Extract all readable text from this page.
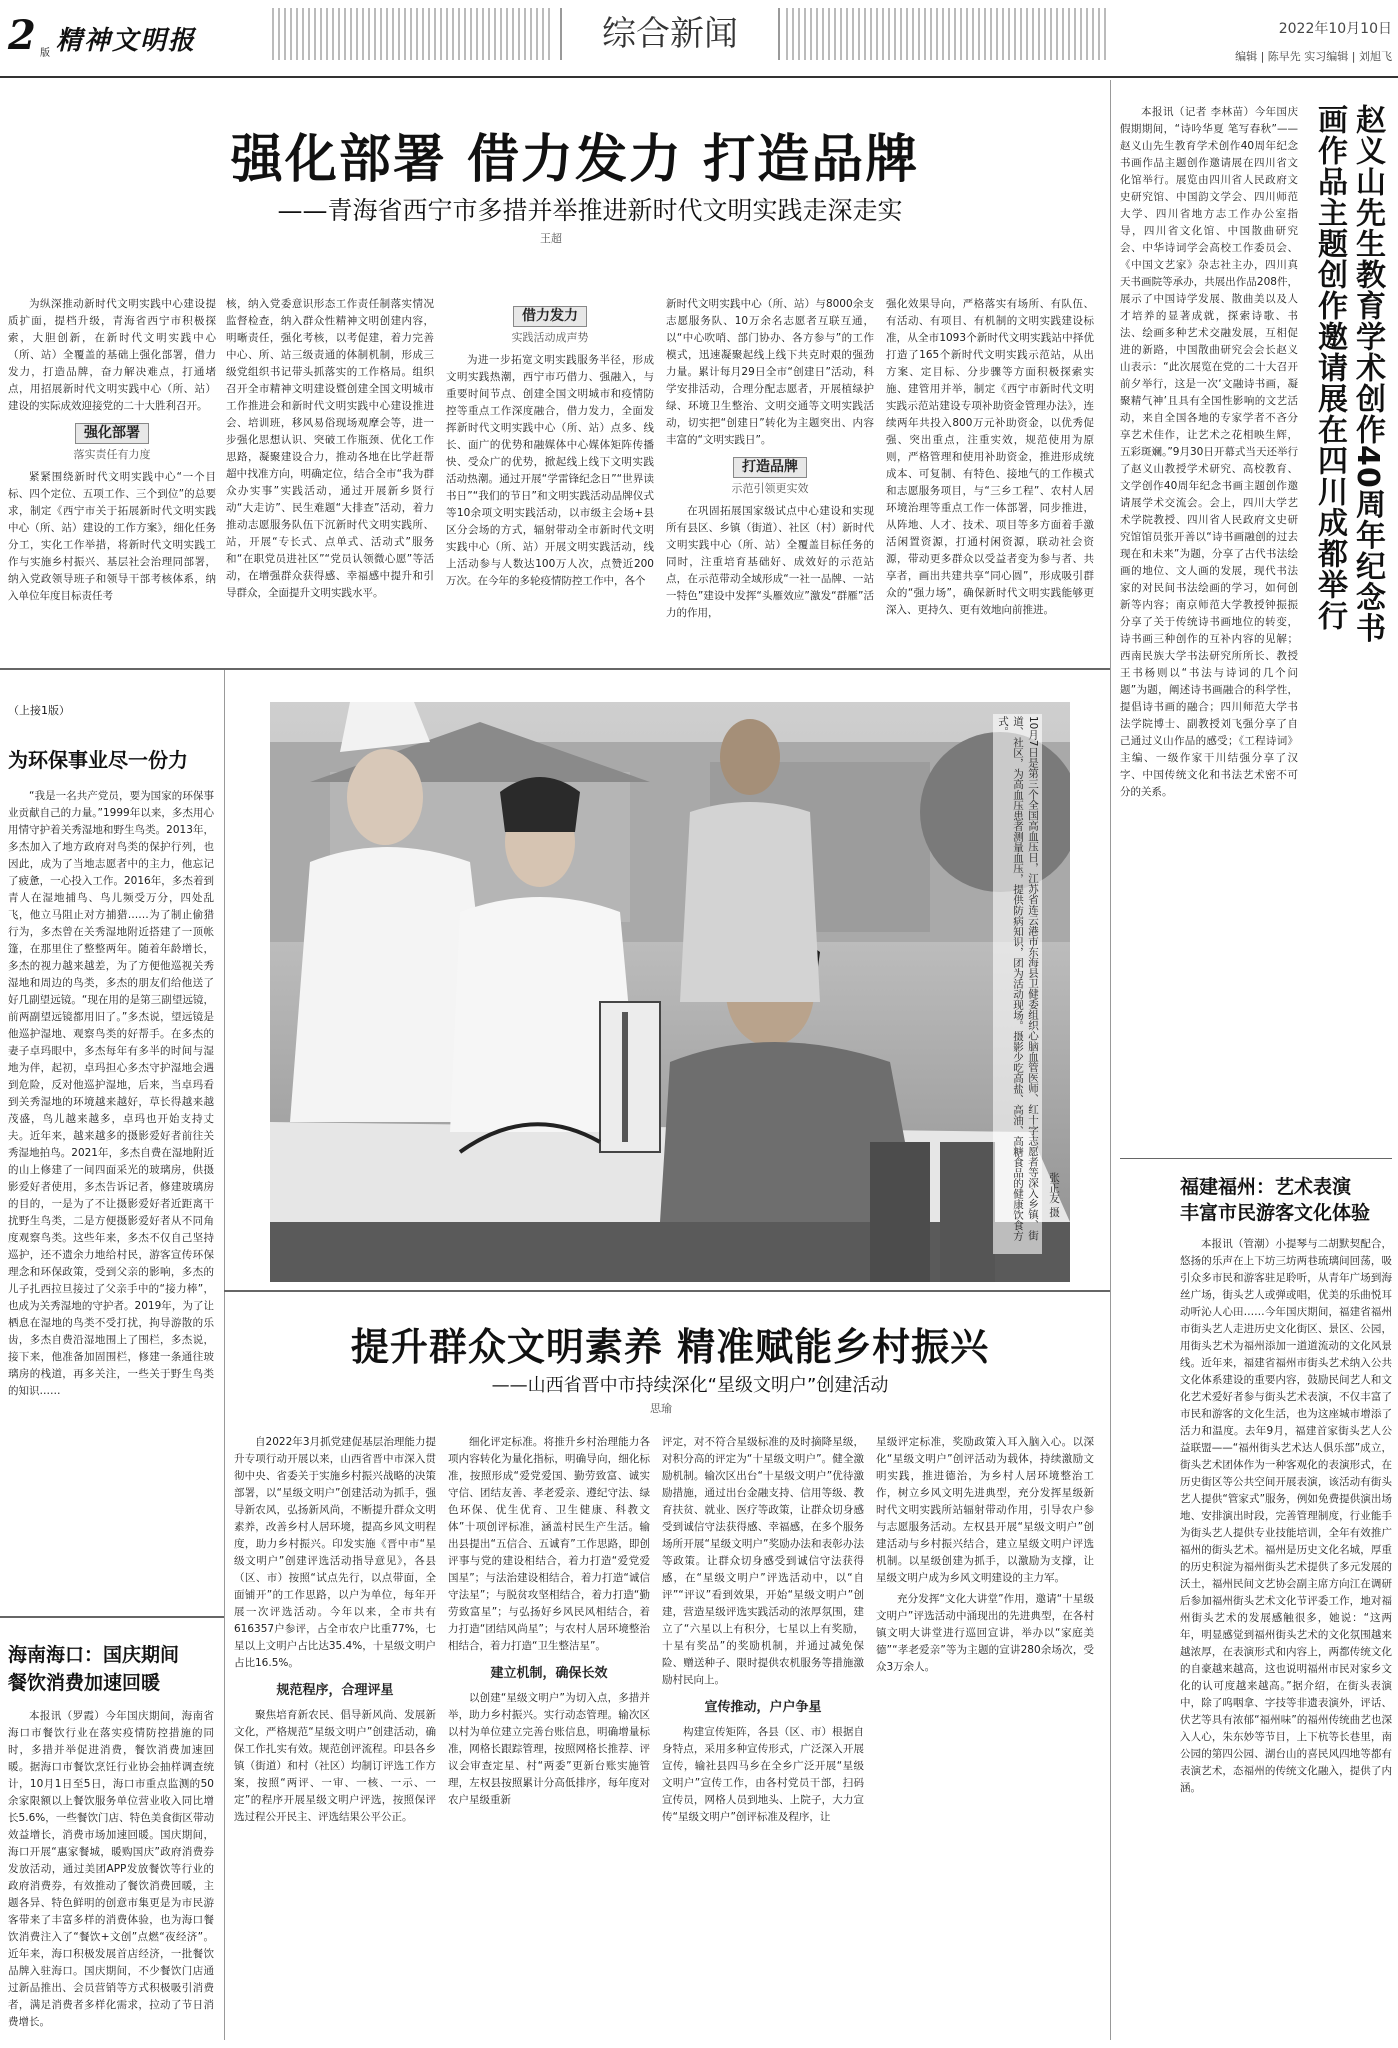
2 版 精神文明报	综合新闻	2022年10月10日
编辑 | 陈早先 实习编辑 | 刘旭飞
强化部署 借力发力 打造品牌
——青海省西宁市多措并举推进新时代文明实践走深走实
王超

为纵深推动新时代文明实践中心建设提质扩面，提档升级，青海省西宁市积极探索，大胆创新，在新时代文明实践中心（所、站）全覆盖的基础上强化部署，借力发力，打造品牌，奋力解决难点，打通堵点，用招展新时代文明实践中心（所、站）建设的实际成效迎接党的二十大胜利召开。

强化部署
落实责任有力度

紧紧围绕新时代文明实践中心“一个目标、四个定位、五项工作、三个到位”的总要求，制定《西宁市关于拓展新时代文明实践中心（所、站）建设的工作方案》，细化任务分工，实化工作举措，将新时代文明实践工作与实施乡村振兴、基层社会治理同部署，纳入党政领导班子和领导干部考核体系，纳入单位年度目标责任考

核，纳入党委意识形态工作责任制落实情况监督检查，纳入群众性精神文明创建内容，明晰责任，强化考核，以考促建，着力完善中心、所、站三级责通的体制机制，形成三级党组织书记带头抓落实的工作格局。组织召开全市精神文明建设暨创建全国文明城市工作推进会和新时代文明实践中心建设推进会、培训班，移风易俗现场观摩会等，进一步强化思想认识、突破工作瓶颈、优化工作思路，凝聚建设合力，推动各地在比学赶帮超中找准方向，明确定位，结合全市“我为群众办实事”实践活动，通过开展新乡贤行动“大走访”、民生难题“大排查”活动，着力推动志愿服务队伍下沉新时代文明实践所、站，开展“专长式、点单式、活动式”服务和“在职党员进社区”“党员认领微心愿”等活动，在增强群众获得感、幸福感中提升和引导群众，全面提升文明实践水平。

借力发力
实践活动成声势

为进一步拓宽文明实践服务半径，形成文明实践热潮，西宁市巧借力、强融入，与重要时间节点、创建全国文明城市和疫情防控等重点工作深度融合，借力发力，全面发挥新时代文明实践中心（所、站）点多、线长、面广的优势和融媒体中心媒体矩阵传播快、受众广的优势，掀起线上线下文明实践活动热潮。通过开展“学雷锋纪念日”“世界读书日”“我们的节日”和文明实践活动品牌仪式等10余项文明实践活动，以市级主会场+县区分会场的方式，辐射带动全市新时代文明实践中心（所、站）开展文明实践活动，线上活动参与人数达100万人次，点赞近200万次。在今年的多轮疫情防控工作中，各个

新时代文明实践中心（所、站）与8000余支志愿服务队、10万余名志愿者互联互通，以“中心吹哨、部门协办、各方参与”的工作模式，迅速凝聚起线上线下共克时艰的强劲力量。累计每月29日全市“创建日”活动，科学安排活动，合理分配志愿者，开展植绿护绿、环境卫生整治、文明交通等文明实践活动，切实把“创建日”转化为主题突出、内容丰富的“文明实践日”。

打造品牌
示范引领更实效

在巩固拓展国家级试点中心建设和实现所有县区、乡镇（街道）、社区（村）新时代文明实践中心（所、站）全覆盖目标任务的同时，注重培育基础好、成效好的示范站点，在示范带动全域形成“一社一品牌、一站一特色”建设中发挥“头雁效应”激发“群雁”活力的作用，

强化效果导向，严格落实有场所、有队伍、有活动、有项目、有机制的文明实践建设标准，从全市1093个新时代文明实践站中择优打造了165个新时代文明实践示范站，从出方案、定目标、分步骤等方面积极探索实施、建管用并举，制定《西宁市新时代文明实践示范站建设专项补助资金管理办法》，连续两年共投入800万元补助资金，以优秀促强、突出重点，注重实效，规范使用为原则，严格管理和使用补助资金，推进形成统成本、可复制、有特色、接地气的工作模式和志愿服务项目，与“三乡工程”、农村人居环境治理等重点工作一体部署，同步推进，从阵地、人才、技术、项目等多方面着手激活闲置资源，打通村闲资源，联动社会资源，带动更多群众以受益者变为参与者、共享者，画出共建共享“同心圆”，形成吸引群众的“强力场”，确保新时代文明实践能够更深入、更持久、更有效地向前推进。	赵义山先生教育学术创作40周年纪念书画作品主题创作邀请展在四川成都举行

本报讯（记者 李林苗）今年国庆假期期间，“诗吟华夏 笔写春秋”——赵义山先生教育学术创作40周年纪念书画作品主题创作邀请展在四川省文化馆举行。展览由四川省人民政府文史研究馆、中国韵文学会、四川师范大学、四川省地方志工作办公室指导，四川省文化馆、中国散曲研究会、中华诗词学会高校工作委员会、《中国文艺家》杂志社主办，四川真天书画院等承办，共展出作品208件，展示了中国诗学发展、散曲美以及人才培养的显著成就，探索诗歌、书法、绘画多种艺术交融发展，互相促进的新路，中国散曲研究会会长赵义山表示：“此次展览在党的二十大召开前夕举行，这是一次‘文融诗书画，凝聚精气神’且具有全国性影响的文艺活动，来自全国各地的专家学者不吝分享艺术佳作，让艺术之花相映生辉，五彩斑斓。”9月30日开幕式当天还举行了赵义山教授学术研究、高校教育、文学创作40周年纪念书画主题创作邀请展学术交流会。会上，四川大学艺术学院教授、四川省人民政府文史研究馆馆员张开善以“诗书画融创的过去现在和未来”为题，分享了古代书法绘画的地位、文人画的发展，现代书法家的对民间书法绘画的学习，如何创新等内容；南京师范大学教授钟振振分享了关于传统诗书画地位的转变，诗书画三种创作的互补内容的见解；西南民族大学书法研究所所长、教授王书杨则以“书法与诗词的几个问题”为题，阐述诗书画融合的科学性，提倡诗书画的融合；四川师范大学书法学院博士、副教授刘飞强分享了自己通过义山作品的感受；《工程诗词》主编、一级作家干川结强分享了汉字、中国传统文化和书法艺术密不可分的关系。

福建福州：艺术表演
丰富市民游客文化体验

本报讯（管潮）小提琴与二胡默契配合，悠扬的乐声在上下坊三坊两巷琉璃间回荡，吸引众多市民和游客驻足聆听，从青年广场到海丝广场，街头艺人或弹或唱，优美的乐曲悦耳动听沁人心田……今年国庆期间，福建省福州市街头艺人走进历史文化街区、景区、公园，用街头艺术为福州添加一道道流动的文化风景线。近年来，福建省福州市街头艺术纳入公共文化体系建设的重要内容，鼓励民间艺人和文化艺术爱好者参与街头艺术表演，不仅丰富了市民和游客的文化生活，也为这座城市增添了活力和温度。去年9月，福建首家街头艺人公益联盟——“福州街头艺术达人俱乐部”成立，街头艺术团体作为一种客观化的表演形式，在历史街区等公共空间开展表演，该活动有街头艺人提供“管家式”服务，例如免费提供演出场地、安排演出时段，完善管理制度，行业能手为街头艺人提供专业技能培训，全年有效推广福州的街头艺术。福州是历史文化名城，厚重的历史积淀为福州街头艺术提供了多元发展的沃土，福州民间文艺协会副主席方向江在调研后参加福州街头艺术文化节评委工作，地对福州街头艺术的发展感触很多，她说：“这两年，明显感觉到福州街头艺术的文化氛围越来越浓厚，在表演形式和内容上，两都传统文化的自豪越来越高，这也说明福州市民对家乡文化的认可度越来越高。”据介绍，在街头表演中，除了呜咽拿、字技等非遗表演外，评话、伏艺等具有浓郁“福州味”的福州传统曲艺也深入人心，朱东妙等节目，上下杭等长巷里，南公园的第四公园、湖台山的喜民风四地等都有表演艺术，态福州的传统文化融入，提供了内涵。

（上接1版）
为环保事业尽一份力

“我是一名共产党员，要为国家的环保事业贡献自己的力量。”1999年以来，多杰用心用情守护着关秀湿地和野生鸟类。2013年，多杰加入了地方政府对鸟类的保护行列，也因此，成为了当地志愿者中的主力，他忘记了疲惫，一心投入工作。2016年，多杰着到青人在湿地捕鸟、鸟儿频受万分，四处乱飞，他立马阻止对方捕猎……为了制止偷猎行为，多杰曾在关秀湿地附近搭建了一顶帐篷，在那里住了整整两年。随着年龄增长，多杰的视力越来越差，为了方便他巡视关秀湿地和周边的鸟类，多杰的朋友们给他送了好几副望远镜。“现在用的是第三副望远镜，前两副望远镜都用旧了。”多杰说，望远镜是他巡护湿地、观察鸟类的好帮手。在多杰的妻子卓玛眼中，多杰每年有多半的时间与湿地为伴，起初，卓玛担心多杰守护湿地会遇到危险，反对他巡护湿地，后来，当卓玛看到关秀湿地的环境越来越好，草长得越来越茂盛，鸟儿越来越多，卓玛也开始支持丈夫。近年来，越来越多的摄影爱好者前往关秀湿地拍鸟。2021年，多杰自费在湿地附近的山上修建了一间四面采光的玻璃房，供摄影爱好者使用，多杰告诉记者，修建玻璃房的目的，一是为了不让摄影爱好者近距离干扰野生鸟类，二是方便摄影爱好者从不同角度观察鸟类。这些年来，多杰不仅自己坚持巡护，还不遗余力地给村民，游客宣传环保理念和环保政策，受到父亲的影响，多杰的儿子扎西拉旦接过了父亲手中的“接力棒”，也成为关秀湿地的守护者。2019年，为了让栖息在湿地的鸟类不受打扰，拘导游散的乐齿，多杰自费沿湿地围上了围栏，多杰说，接下来，他准备加固围栏，修建一条通往玻璃房的栈道，再多关注，一些关于野生鸟类的知识……

海南海口：国庆期间
餐饮消费加速回暖

本报讯（罗霞）今年国庆期间，海南省海口市餐饮行业在落实疫情防控措施的同时，多措并举促进消费，餐饮消费加速回暖。据海口市餐饮烹饪行业协会抽样调查统计，10月1日至5日，海口市重点监测的50余家限额以上餐饮服务单位营业收入同比增长5.6%，一些餐饮门店、特色美食街区带动效益增长，消费市场加速回暖。国庆期间，海口开展“惠家餐城，暖购国庆”政府消费券发放活动，通过美团APP发放餐饮等行业的政府消费券，有效推动了餐饮消费回暖，主题各异、特色鲜明的创意市集更是为市民游客带来了丰富多样的消费体验，也为海口餐饮消费注入了“餐饮+文创”点燃“夜经济”。近年来，海口积极发展首店经济，一批餐饮品牌入驻海口。国庆期间，不少餐饮门店通过新品推出、会员营销等方式积极吸引消费者，满足消费者多样化需求，拉动了节日消费增长。

10月7日是第三个全国高血压日，江苏省连云港市东海县卫健委组织心脑血管医师、红十字志愿者等深入乡镇、街道、社区，为高血压患者测量血压，提供防病知识，团为活动现场。摄影少吃高盐、高油、高糖食品的健康饮食方式。
张正友 摄
提升群众文明素养 精准赋能乡村振兴
——山西省晋中市持续深化“星级文明户”创建活动
思瑜

自2022年3月抓党建促基层治理能力提升专项行动开展以来，山西省晋中市深入贯彻中央、省委关于实施乡村振兴战略的决策部署，以“星级文明户”创建活动为抓手，强导新农风，弘扬新风尚，不断提升群众文明素养，改善乡村人居环境，提高乡风文明程度，助力乡村振兴。印发实施《晋中市“星级文明户”创建评选活动指导意见》，各县（区、市）按照“试点先行，以点带面，全面铺开”的工作思路，以户为单位，每年开展一次评选活动。今年以来，全市共有616357户参评，占全市农户比重77%，七星以上文明户占比达35.4%，十星级文明户占比16.5%。

规范程序，合理评星

聚焦培育新农民、倡导新风尚、发展新文化，严格规范“星级文明户”创建活动，确保工作扎实有效。规范创评流程。印县各乡镇（街道）和村（社区）均制订评选工作方案，按照“两评、一审、一核、一示、一定”的程序开展星级文明户评选，按照保评选过程公开民主、评选结果公平公正。

细化评定标准。将推升乡村治理能力各项内容转化为量化指标，明确导向，细化标准，按照形成“爱党爱国、勤劳致富、诚实守信、团结友善、孝老爱亲、遵纪守法、绿色环保、优生优育、卫生健康、科教文体”十项创评标准，涵盖村民生产生活。输出县提出“五信合、五诚育”工作思路，即创评事与党的建设相结合，着力打造“爱党爱国星”；与法治建设相结合，着力打造“诚信守法星”；与脱贫攻坚相结合，着力打造“勤劳致富星”；与弘扬好乡风民风相结合，着力打造“团结风尚星”；与农村人居环境整治相结合，着力打造“卫生整洁星”。

建立机制，确保长效

以创建“星级文明户”为切入点，多措并举，助力乡村振兴。实行动态管理。输次区以村为单位建立完善台账信息，明确增量标准，网格长跟踪管理，按照网格长推荐、评议会审查定星、村“两委”更新台账实施管理，左权县按照累计分高低排序，每年度对农户星级重新

评定，对不符合星级标准的及时摘降星级，对积分高的评定为“十星级文明户”。健全激励机制。输次区出台“十星级文明户”优待激励措施，通过出台金融支持、信用等级、教育扶贫、就业、医疗等政策，让群众切身感受到诚信守法获得感、幸福感，在多个服务场所开展“星级文明户”奖励办法和表彰办法等政策。让群众切身感受到诚信守法获得感，在“星级文明户”评选活动中，以“自评”“评议”看到效果，开始“星级文明户”创建，营造星级评选实践活动的浓厚氛围，建立了“六星以上有积分，七星以上有奖励，十星有奖品”的奖励机制，并通过减免保险、赠送种子、限时提供农机服务等措施激励村民向上。

宣传推动，户户争星

构建宣传矩阵，各县（区、市）根据自身特点，采用多种宣传形式，广泛深入开展宣传，输社县四马乡在全乡广泛开展“星级文明户”宣传工作，由各村党员干部，扫码宣传员，网格人员到地头、上院子，大力宣传“星级文明户”创评标准及程序，让

星级评定标准，奖励政策入耳入脑入心。以深化“星级文明户”创评活动为载体，持续激励文明实践，推进德治，为乡村人居环境整治工作，树立乡风文明先进典型，充分发挥星级新时代文明实践所站辐射带动作用，引导农户参与志愿服务活动。左权县开展“星级文明户”创建活动与乡村振兴结合，建立星级文明户评选机制。以星级创建为抓手，以激励为支撑，让星级文明户成为乡风文明建设的主力军。

充分发挥“文化大讲堂”作用，邀请“十星级文明户”评选活动中涌现出的先进典型，在各村镇文明大讲堂进行巡回宣讲，举办以“家庭美德”“孝老爱亲”等为主题的宣讲280余场次，受众3万余人。
